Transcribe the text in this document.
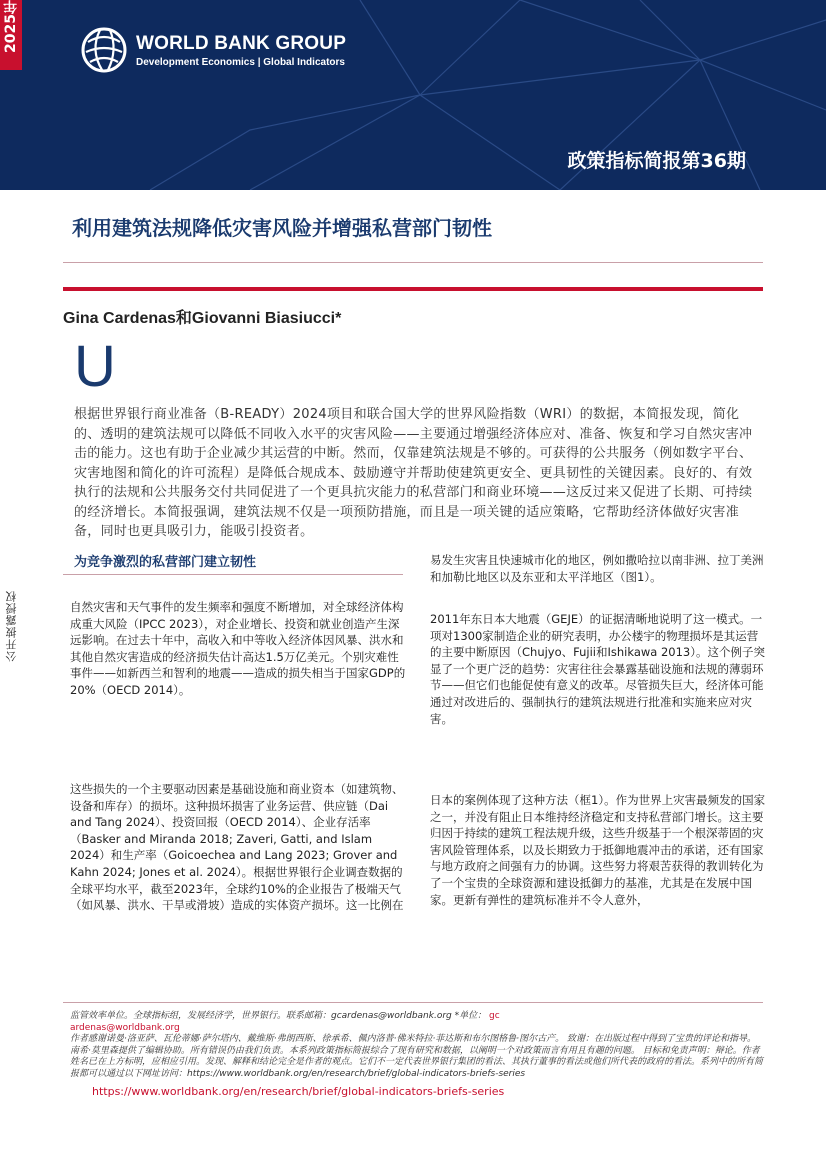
WORLD BANK GROUP
Development Economics | Global Indicators
政策指标简报第36期
2025年
公开披露授权
利用建筑法规降低灾害风险并增强私营部门韧性
Gina Cardenas和Giovanni Biasiucci*
U
根据世界银行商业准备（B-READY）2024项目和联合国大学的世界风险指数（WRI）的数据，本简报发现，简化的、透明的建筑法规可以降低不同收入水平的灾害风险——主要通过增强经济体应对、准备、恢复和学习自然灾害冲击的能力。这也有助于企业减少其运营的中断。然而，仅靠建筑法规是不够的。可获得的公共服务（例如数字平台、灾害地图和简化的许可流程）是降低合规成本、鼓励遵守并帮助使建筑更安全、更具韧性的关键因素。良好的、有效执行的法规和公共服务交付共同促进了一个更具抗灾能力的私营部门和商业环境——这反过来又促进了长期、可持续的经济增长。本简报强调，建筑法规不仅是一项预防措施，而且是一项关键的适应策略，它帮助经济体做好灾害准备，同时也更具吸引力，能吸引投资者。
为竞争激烈的私营部门建立韧性
自然灾害和天气事件的发生频率和强度不断增加，对全球经济体构成重大风险（IPCC 2023），对企业增长、投资和就业创造产生深远影响。在过去十年中，高收入和中等收入经济体因风暴、洪水和其他自然灾害造成的经济损失估计高达1.5万亿美元。个别灾难性事件——如新西兰和智利的地震——造成的损失相当于国家GDP的20%（OECD 2014）。
这些损失的一个主要驱动因素是基础设施和商业资本（如建筑物、设备和库存）的损坏。这种损坏损害了业务运营、供应链（Dai and Tang 2024）、投资回报（OECD 2014）、企业存活率（Basker and Miranda 2018; Zaveri, Gatti, and Islam 2024）和生产率（Goicoechea and Lang 2023; Grover and Kahn 2024; Jones et al. 2024）。根据世界银行企业调查数据的全球平均水平，截至2023年，全球约10%的企业报告了极端天气（如风暴、洪水、干旱或滑坡）造成的实体资产损坏。这一比例在
易发生灾害且快速城市化的地区，例如撒哈拉以南非洲、拉丁美洲和加勒比地区以及东亚和太平洋地区（图1）。
2011年东日本大地震（GEJE）的证据清晰地说明了这一模式。一项对1300家制造企业的研究表明，办公楼宇的物理损坏是其运营的主要中断原因（Chujyo、Fujii和Ishikawa 2013）。这个例子突显了一个更广泛的趋势：灾害往往会暴露基础设施和法规的薄弱环节——但它们也能促使有意义的改革。尽管损失巨大，经济体可能通过对改进后的、强制执行的建筑法规进行批准和实施来应对灾害。
日本的案例体现了这种方法（框1）。作为世界上灾害最频发的国家之一，并没有阻止日本维持经济稳定和支持私营部门增长。这主要归因于持续的建筑工程法规升级，这些升级基于一个根深蒂固的灾害风险管理体系，以及长期致力于抵御地震冲击的承诺，还有国家与地方政府之间强有力的协调。这些努力将艰苦获得的教训转化为了一个宝贵的全球资源和建设抵御力的基准，尤其是在发展中国家。更新有弹性的建筑标准并不令人意外，
监管效率单位。全球指标组，发展经济学，世界银行。联系邮箱：gcardenas@worldbank.org *单位： gc
ardenas@worldbank.org
作者感谢诺曼·洛亚萨、瓦伦蒂娜·萨尔塔内、戴维斯·弗朗西斯、徐承希、佩内洛普·佛米特拉·菲达斯和布尔图格鲁·图尔古产。 致谢：在出版过程中得到了宝贵的评论和指导。南希·莫里森提供了编辑协助。所有错误仍由我们负责。本系列政策指标简报综合了现有研究和数据，以阐明一个对政策而言有用且有趣的问题。 目标和免责声明：辩论。作者姓名已在上方标明，应相应引用。发现、解释和结论完全是作者的观点。它们不一定代表世界银行集团的看法、其执行董事的看法或他们所代表的政府的看法。系列中的所有简报都可以通过以下网址访问：https://www.worldbank.org/en/research/brief/global-indicators-briefs-series
https://www.worldbank.org/en/research/brief/global-indicators-briefs-series
